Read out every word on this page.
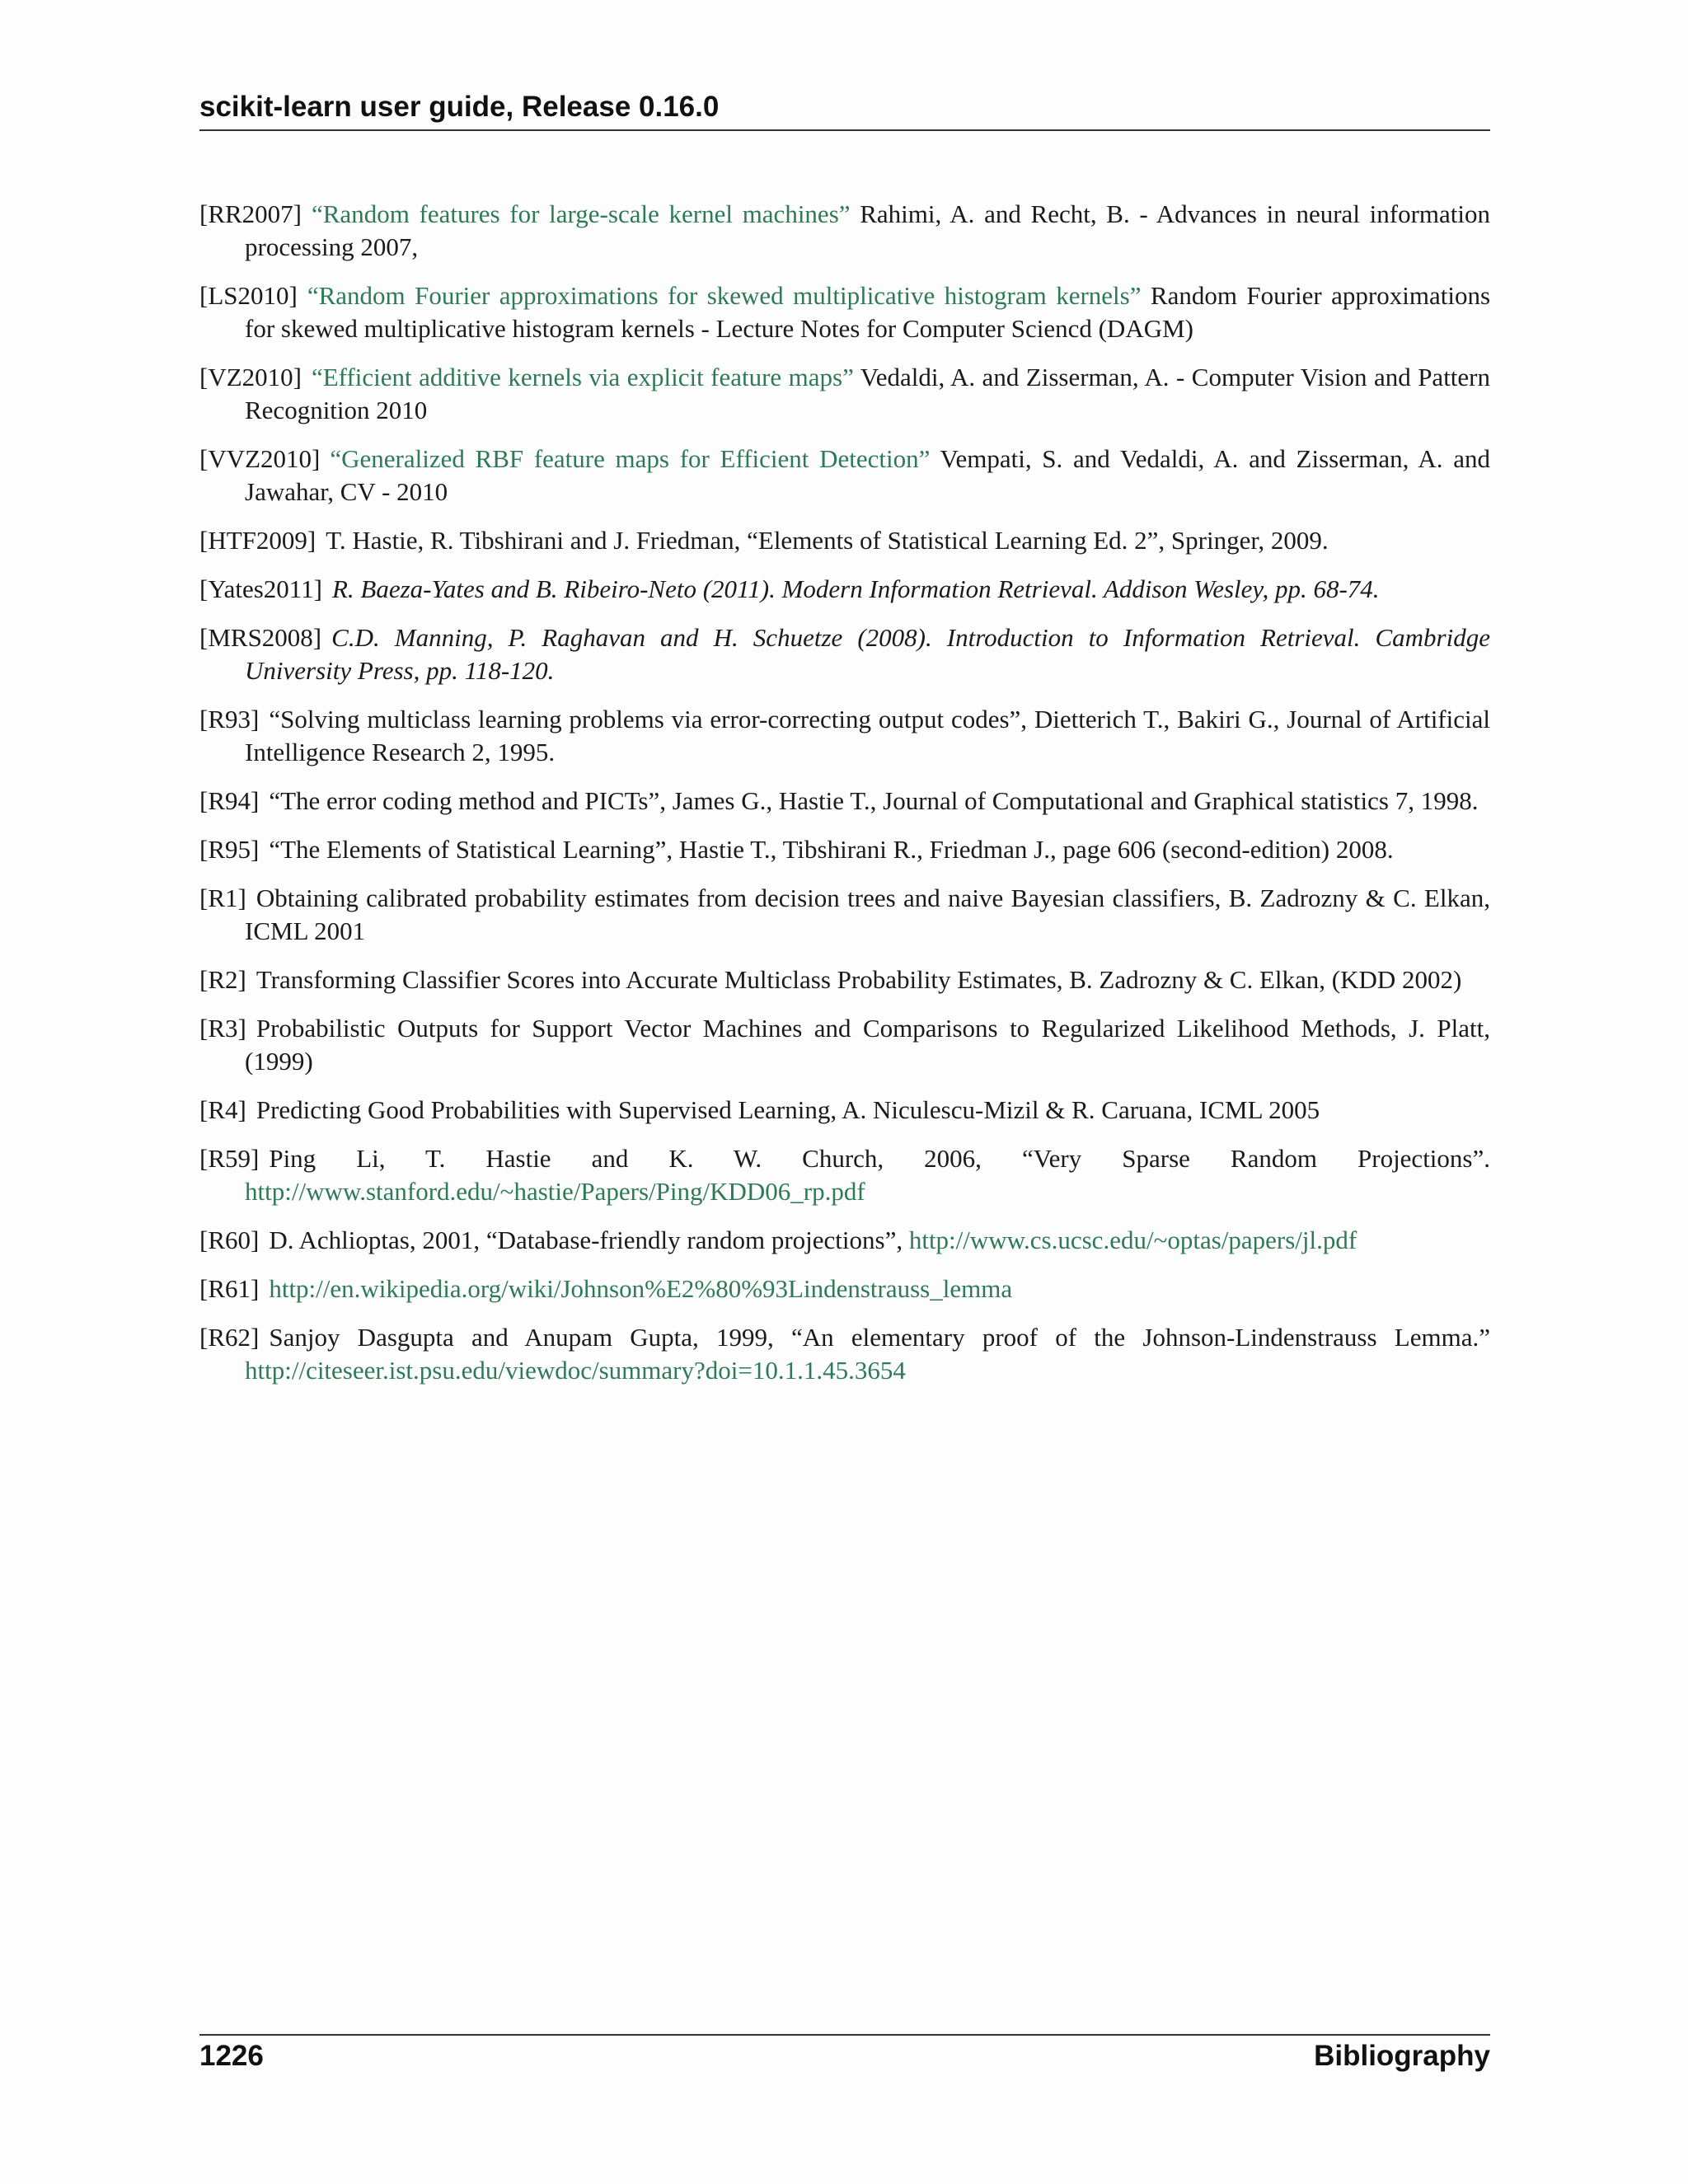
scikit-learn user guide, Release 0.16.0

[RR2007] “Random features for large-scale kernel machines” Rahimi, A. and Recht, B. - Advances in neural information processing 2007,

[LS2010] “Random Fourier approximations for skewed multiplicative histogram kernels” Random Fourier approximations for skewed multiplicative histogram kernels - Lecture Notes for Computer Sciencd (DAGM)

[VZ2010] “Efficient additive kernels via explicit feature maps” Vedaldi, A. and Zisserman, A. - Computer Vision and Pattern Recognition 2010

[VVZ2010] “Generalized RBF feature maps for Efficient Detection” Vempati, S. and Vedaldi, A. and Zisserman, A. and Jawahar, CV - 2010

[HTF2009] T. Hastie, R. Tibshirani and J. Friedman, “Elements of Statistical Learning Ed. 2”, Springer, 2009.

[Yates2011] R. Baeza-Yates and B. Ribeiro-Neto (2011). Modern Information Retrieval. Addison Wesley, pp. 68-74.

[MRS2008] C.D. Manning, P. Raghavan and H. Schuetze (2008). Introduction to Information Retrieval. Cambridge University Press, pp. 118-120.

[R93] “Solving multiclass learning problems via error-correcting output codes”, Dietterich T., Bakiri G., Journal of Artificial Intelligence Research 2, 1995.

[R94] “The error coding method and PICTs”, James G., Hastie T., Journal of Computational and Graphical statistics 7, 1998.

[R95] “The Elements of Statistical Learning”, Hastie T., Tibshirani R., Friedman J., page 606 (second-edition) 2008.

[R1] Obtaining calibrated probability estimates from decision trees and naive Bayesian classifiers, B. Zadrozny & C. Elkan, ICML 2001

[R2] Transforming Classifier Scores into Accurate Multiclass Probability Estimates, B. Zadrozny & C. Elkan, (KDD 2002)

[R3] Probabilistic Outputs for Support Vector Machines and Comparisons to Regularized Likelihood Methods, J. Platt, (1999)

[R4] Predicting Good Probabilities with Supervised Learning, A. Niculescu-Mizil & R. Caruana, ICML 2005

[R59] Ping Li, T. Hastie and K. W. Church, 2006, “Very Sparse Random Projections”. http://www.stanford.edu/~hastie/Papers/Ping/KDD06_rp.pdf

[R60] D. Achlioptas, 2001, “Database-friendly random projections”, http://www.cs.ucsc.edu/~optas/papers/jl.pdf

[R61] http://en.wikipedia.org/wiki/Johnson%E2%80%93Lindenstrauss_lemma

[R62] Sanjoy Dasgupta and Anupam Gupta, 1999, “An elementary proof of the Johnson-Lindenstrauss Lemma.” http://citeseer.ist.psu.edu/viewdoc/summary?doi=10.1.1.45.3654

1226	Bibliography
